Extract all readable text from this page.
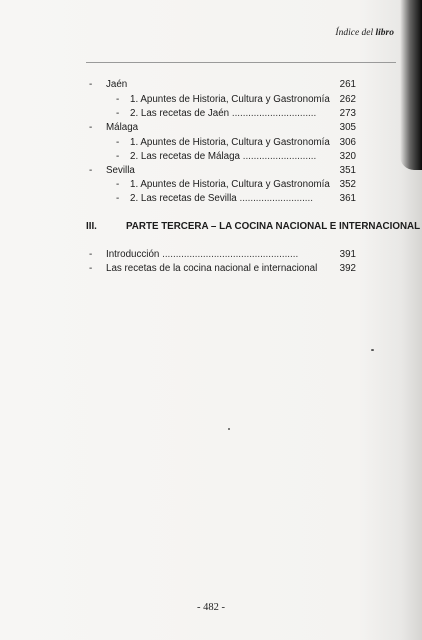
Índice del libro
- Jaén	261
- 1. Apuntes de Historia, Cultura y Gastronomía 262
- 2. Las recetas de Jaén ............................... 273
- Málaga	305
- 1. Apuntes de Historia, Cultura y Gastronomía 306
- 2. Las recetas de Málaga ........................... 320
- Sevilla	351
- 1. Apuntes de Historia, Cultura y Gastronomía 352
- 2. Las recetas de Sevilla ...........................	361
III.	PARTE TERCERA – LA COCINA NACIONAL E INTERNACIONAL
- Introducción ..................................................	391
- Las recetas de la cocina nacional e internacional 392
- 482 -
